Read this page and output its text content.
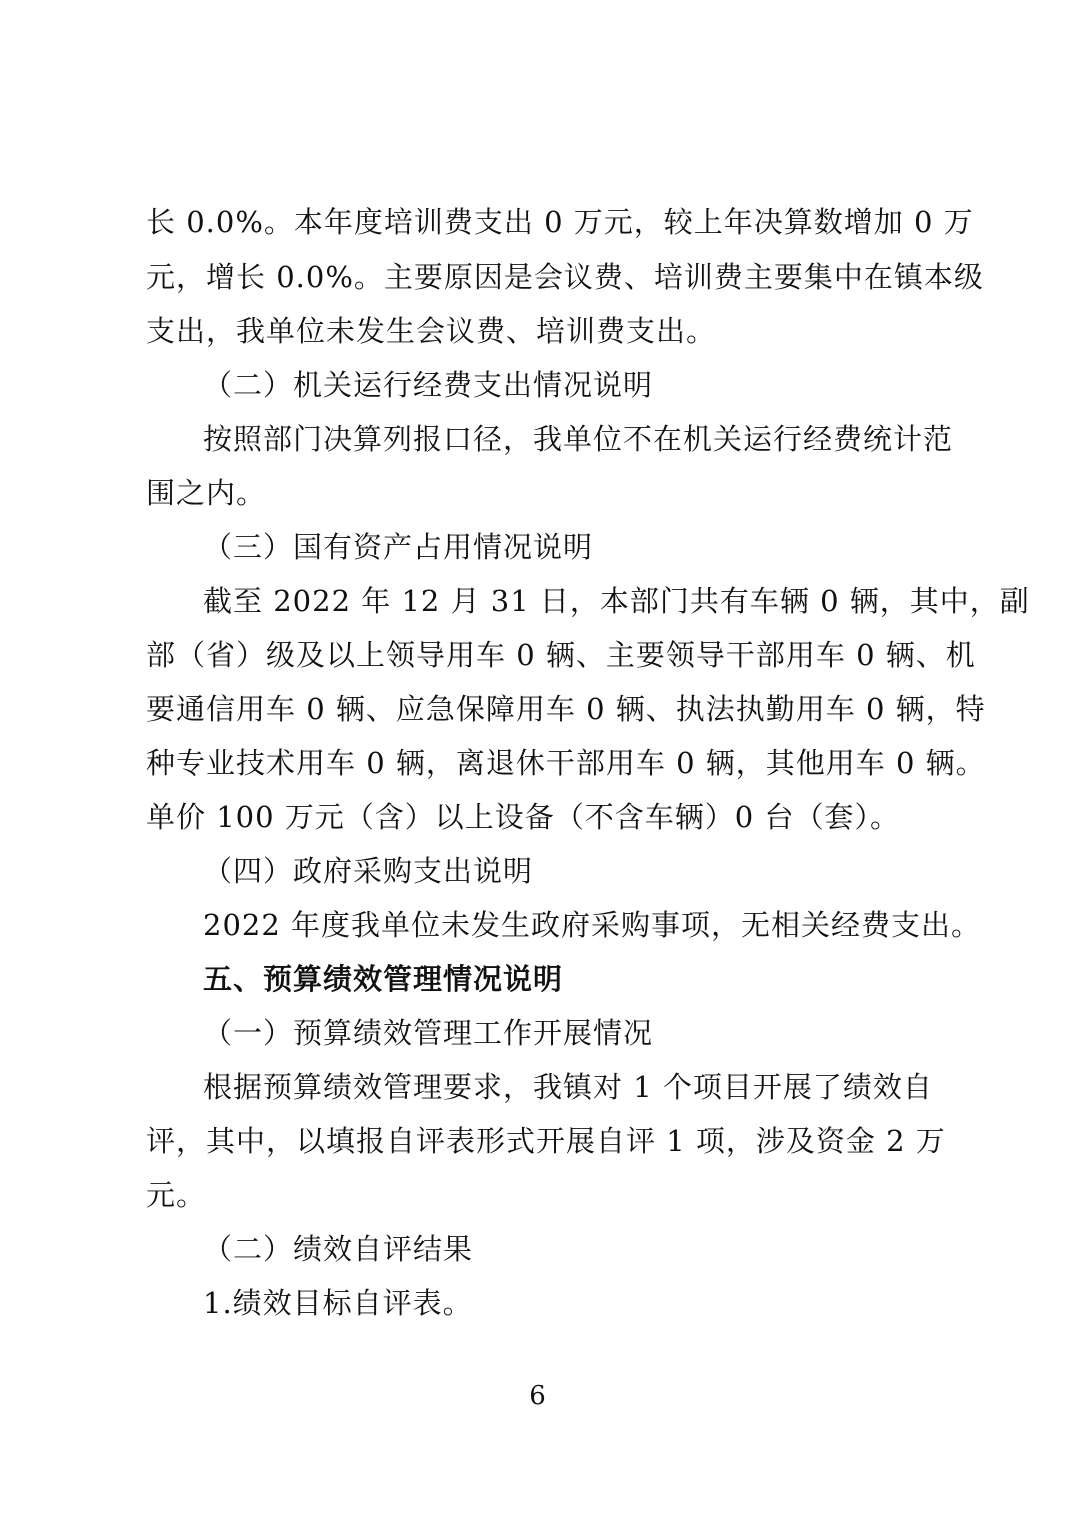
长 0.0%。本年度培训费支出 0 万元，较上年决算数增加 0 万
元，增长 0.0%。主要原因是会议费、培训费主要集中在镇本级
支出，我单位未发生会议费、培训费支出。
（二）机关运行经费支出情况说明
按照部门决算列报口径，我单位不在机关运行经费统计范
围之内。
（三）国有资产占用情况说明
截至 2022 年 12 月 31 日，本部门共有车辆 0 辆，其中，副
部（省）级及以上领导用车 0 辆、主要领导干部用车 0 辆、机
要通信用车 0 辆、应急保障用车 0 辆、执法执勤用车 0 辆，特
种专业技术用车 0 辆，离退休干部用车 0 辆，其他用车 0 辆。
单价 100 万元（含）以上设备（不含车辆）0 台（套）。
（四）政府采购支出说明
2022 年度我单位未发生政府采购事项，无相关经费支出。
五、预算绩效管理情况说明
（一）预算绩效管理工作开展情况
根据预算绩效管理要求，我镇对 1 个项目开展了绩效自
评，其中，以填报自评表形式开展自评 1 项，涉及资金 2 万
元。
（二）绩效自评结果
1.绩效目标自评表。
6
